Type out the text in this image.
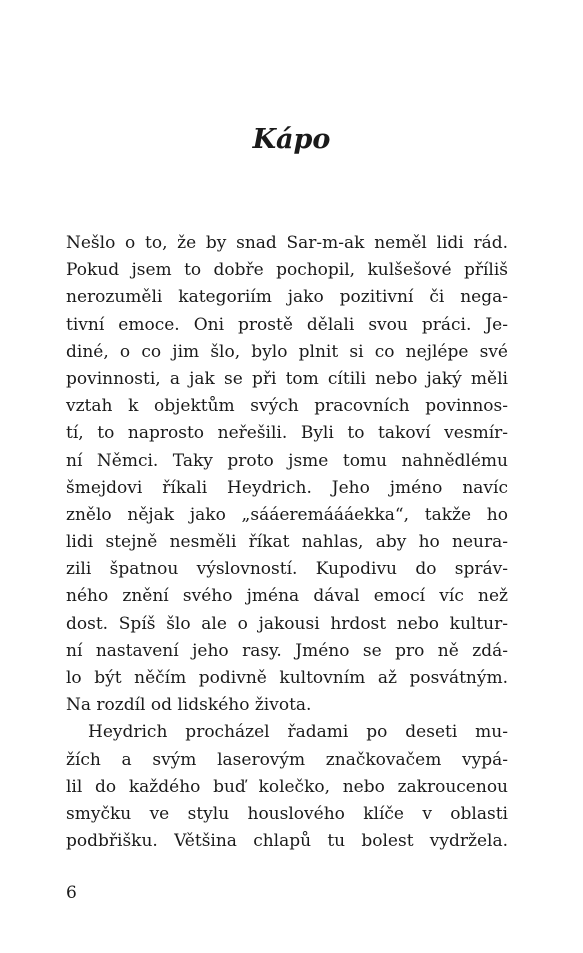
Kápo
Nešlo o to, že by snad Sar-m-ak neměl lidi rád.
Pokud jsem to dobře pochopil, kulšešové příliš
nerozuměli kategoriím jako pozitivní či nega-
tivní emoce. Oni prostě dělali svou práci. Je-
diné, o co jim šlo, bylo plnit si co nejlépe své
povinnosti, a jak se při tom cítili nebo jaký měli
vztah k objektům svých pracovních povinnos-
tí, to naprosto neřešili. Byli to takoví vesmír-
ní Němci. Taky proto jsme tomu nahnědlému
šmejdovi říkali Heydrich. Jeho jméno navíc
znělo nějak jako „sááeremáááekka“, takže ho
lidi stejně nesměli říkat nahlas, aby ho neura-
zili špatnou výslovností. Kupodivu do správ-
ného znění svého jména dával emocí víc než
dost. Spíš šlo ale o jakousi hrdost nebo kultur-
ní nastavení jeho rasy. Jméno se pro ně zdá-
lo být něčím podivně kultovním až posvátným.
Na rozdíl od lidského života.
Heydrich procházel řadami po deseti mu-
žích a svým laserovým značkovačem vypá-
lil do každého buď kolečko, nebo zakroucenou
smyčku ve stylu houslového klíče v oblasti
podbřišku. Většina chlapů tu bolest vydržela.
6
